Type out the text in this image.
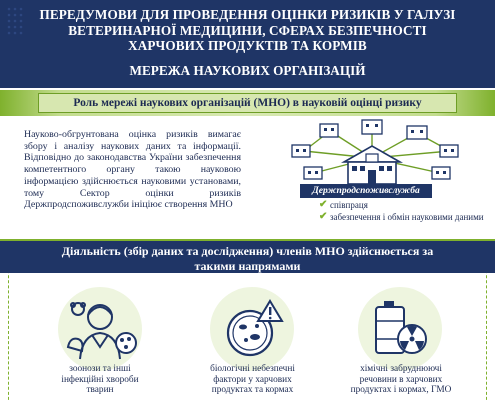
ПЕРЕДУМОВИ ДЛЯ ПРОВЕДЕННЯ ОЦІНКИ РИЗИКІВ У ГАЛУЗІ ВЕТЕРИНАРНОЇ МЕДИЦИНИ, СФЕРАХ БЕЗПЕЧНОСТІ ХАРЧОВИХ ПРОДУКТІВ ТА КОРМІВ
МЕРЕЖА НАУКОВИХ ОРГАНІЗАЦІЙ
Роль мережі наукових організацій (МНО) в науковій оцінці ризику
Науково-обгрунтована оцінка ризиків вимагає збору і аналізу наукових даних та інформації. Відповідно до законодавства України забезпечення компетентного органу такою науковою інформацією здійснюється науковими установами, тому Сектор оцінки ризиків Держпродспоживслужби ініціює створення МНО
Держпродспоживслужба
✔ співпраця
✔ забезпечення і обмін науковими даними
Діяльність (збір даних та дослідження) членів МНО здійснюється за такими напрямами
зоонози та інші інфекційні хвороби тварин
біологічні небезпечні фактори у харчових продуктах та кормах
хімічні забруднюючі речовини в харчових продуктах і кормах, ГМО
